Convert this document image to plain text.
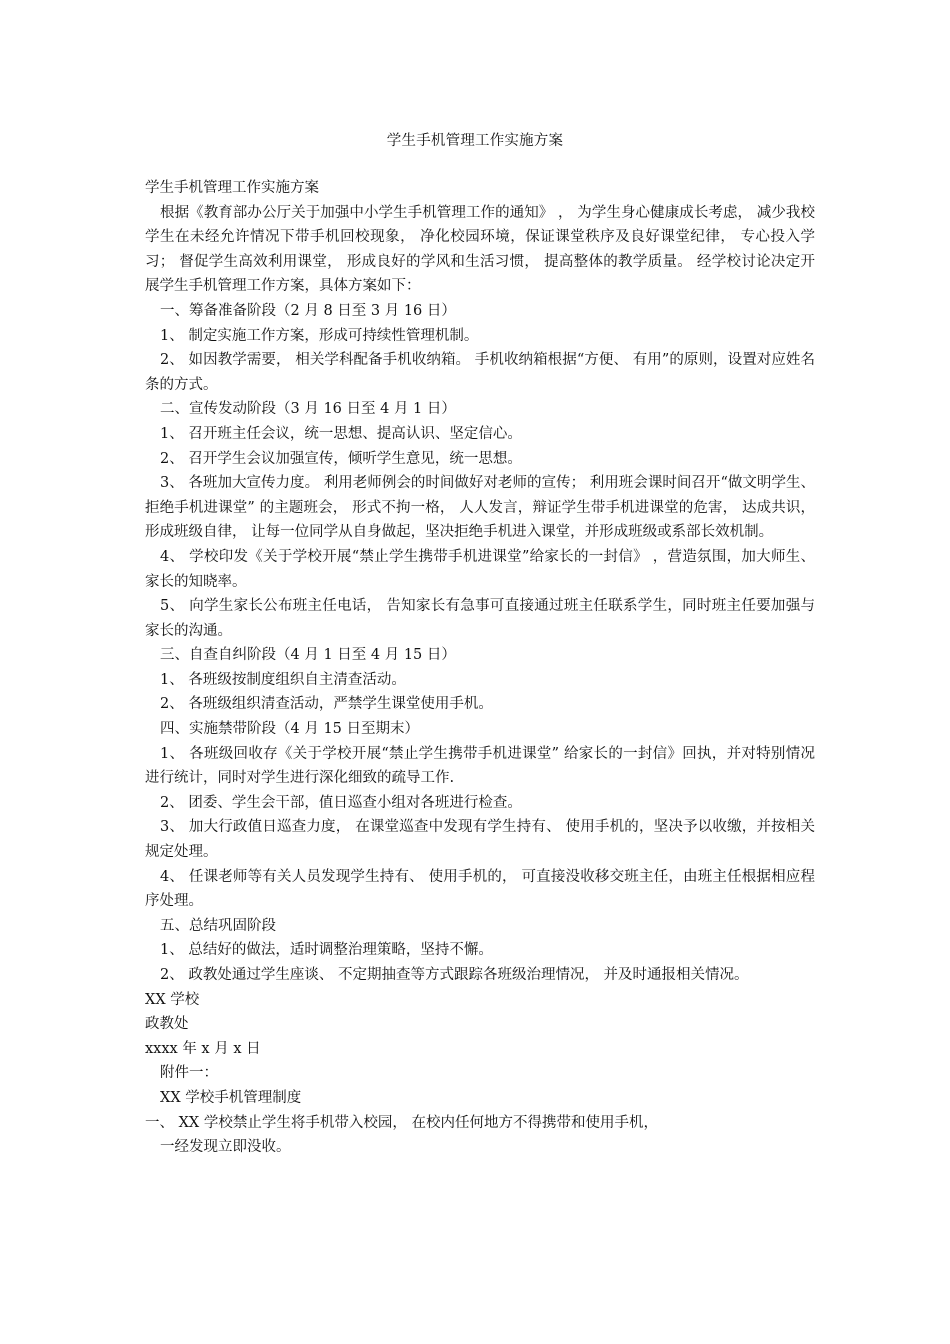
学生手机管理工作实施方案

学生手机管理工作实施方案

根据《教育部办公厅关于加强中小学生手机管理工作的通知》 ， 为学生身心健康成长考虑， 减少我校学生在未经允许情况下带手机回校现象， 净化校园环境，保证课堂秩序及良好课堂纪律， 专心投入学习； 督促学生高效利用课堂， 形成良好的学风和生活习惯， 提高整体的教学质量。 经学校讨论决定开展学生手机管理工作方案，具体方案如下：

一、筹备准备阶段（2 月 8 日至 3 月 16 日）

1、 制定实施工作方案，形成可持续性管理机制。

2、 如因教学需要， 相关学科配备手机收纳箱。 手机收纳箱根据“方便、 有用”的原则，设置对应姓名条的方式。

二、宣传发动阶段（3 月 16 日至 4 月 1 日）

1、 召开班主任会议，统一思想、提高认识、坚定信心。

2、 召开学生会议加强宣传，倾听学生意见，统一思想。

3、 各班加大宣传力度。 利用老师例会的时间做好对老师的宣传； 利用班会课时间召开“做文明学生、 拒绝手机进课堂” 的主题班会， 形式不拘一格， 人人发言，辩证学生带手机进课堂的危害， 达成共识， 形成班级自律， 让每一位同学从自身做起，坚决拒绝手机进入课堂，并形成班级或系部长效机制。

4、 学校印发《关于学校开展“禁止学生携带手机进课堂”给家长的一封信》 ，营造氛围，加大师生、家长的知晓率。

5、 向学生家长公布班主任电话， 告知家长有急事可直接通过班主任联系学生，同时班主任要加强与家长的沟通。

三、自查自纠阶段（4 月 1 日至 4 月 15 日）

1、 各班级按制度组织自主清查活动。

2、 各班级组织清查活动，严禁学生课堂使用手机。

四、实施禁带阶段（4 月 15 日至期末）

1、 各班级回收存《关于学校开展“禁止学生携带手机进课堂” 给家长的一封信》回执，并对特别情况进行统计，同时对学生进行深化细致的疏导工作.

2、 团委、学生会干部，值日巡查小组对各班进行检查。

3、 加大行政值日巡查力度， 在课堂巡查中发现有学生持有、 使用手机的，坚决予以收缴，并按相关规定处理。

4、 任课老师等有关人员发现学生持有、 使用手机的， 可直接没收移交班主任，由班主任根据相应程序处理。

五、总结巩固阶段

1、 总结好的做法，适时调整治理策略，坚持不懈。

2、 政教处通过学生座谈、 不定期抽查等方式跟踪各班级治理情况， 并及时通报相关情况。

XX 学校

政教处

xxxx 年 x 月 x 日

附件一：

XX 学校手机管理制度

一、 XX 学校禁止学生将手机带入校园， 在校内任何地方不得携带和使用手机，

一经发现立即没收。
